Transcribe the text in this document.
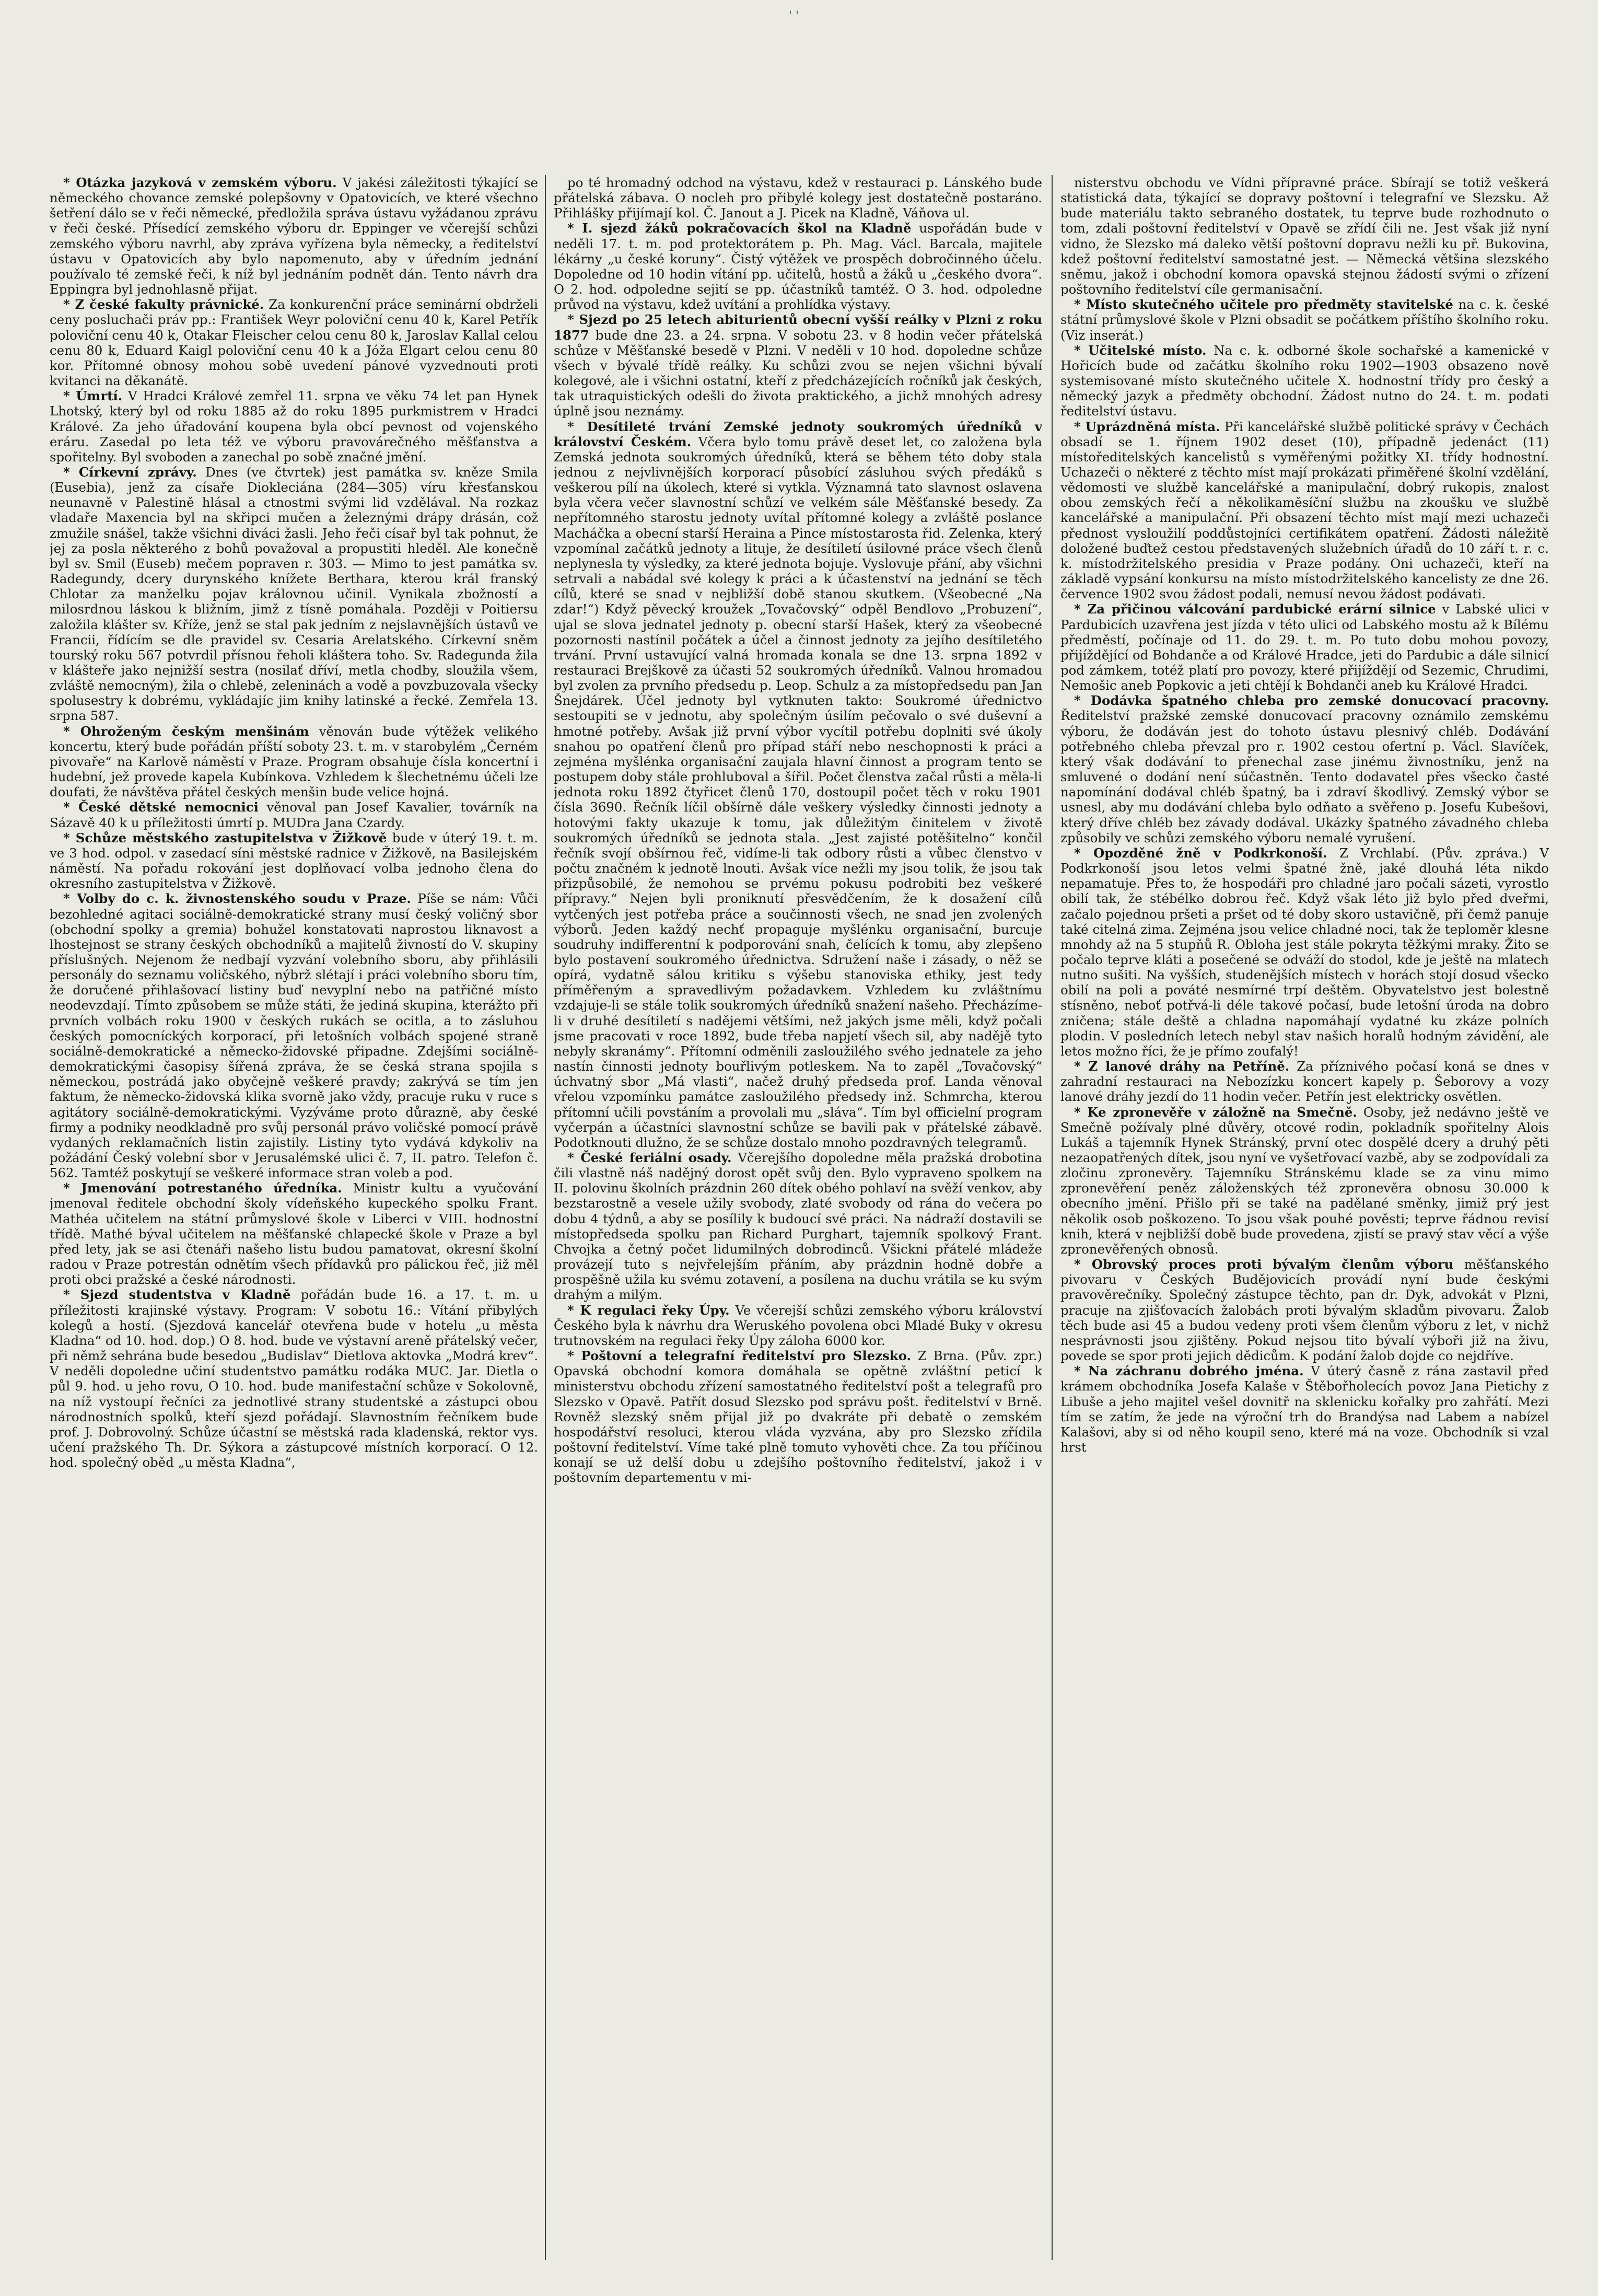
' '

* Otázka jazyková v zemském výboru. V jakési záležitosti týkající se německého chovance zemské polepšovny v Opatovicích, ve které všechno šetření dálo se v řeči německé, předložila správa ústavu vyžádanou zprávu v řeči české. Přísedící zemského výboru dr. Eppinger ve včerejší schůzi zemského výboru navrhl, aby zpráva vyřízena byla německy, a ředitelství ústavu v Opatovicích aby bylo napomenuto, aby v úředním jednání používalo té zemské řeči, k níž byl jednáním podnět dán. Tento návrh dra Eppingra byl jednohlasně přijat.

* Z české fakulty právnické. Za konkurenční práce seminární obdrželi ceny posluchači práv pp.: František Weyr poloviční cenu 40 k, Karel Petřík poloviční cenu 40 k, Otakar Fleischer celou cenu 80 k, Jaroslav Kallal celou cenu 80 k, Eduard Kaigl poloviční cenu 40 k a Jóža Elgart celou cenu 80 kor. Přítomné obnosy mohou sobě uvedení pánové vyzvednouti proti kvitanci na děkanátě.

* Úmrtí. V Hradci Králové zemřel 11. srpna ve věku 74 let pan Hynek Lhotský, který byl od roku 1885 až do roku 1895 purkmistrem v Hradci Králové. Za jeho úřadování koupena byla obcí pevnost od vojenského eráru. Zasedal po leta též ve výboru pravovárečného měšťanstva a spořitelny. Byl svoboden a zanechal po sobě značné jmění.

* Církevní zprávy. Dnes (ve čtvrtek) jest památka sv. kněze Smila (Eusebia), jenž za císaře Diokleciána (284—305) víru křesťanskou neunavně v Palestině hlásal a ctnostmi svými lid vzdělával. Na rozkaz vladaře Maxencia byl na skřipci mučen a železnými drápy drásán, což zmužile snášel, takže všichni diváci žasli. Jeho řeči císař byl tak pohnut, že jej za posla některého z bohů považoval a propustiti hleděl. Ale konečně byl sv. Smil (Euseb) mečem popraven r. 303. — Mimo to jest památka sv. Radegundy, dcery durynského knížete Berthara, kterou král franský Chlotar za manželku pojav královnou učinil. Vynikala zbožností a milosrdnou láskou k bližním, jimž z tísně pomáhala. Později v Poitiersu založila klášter sv. Kříže, jenž se stal pak jedním z nejslavnějších ústavů ve Francii, řídícím se dle pravidel sv. Cesaria Arelatského. Církevní sněm tourský roku 567 potvrdil přísnou řeholi kláštera toho. Sv. Radegunda žila v klášteře jako nejnižší sestra (nosilať dříví, metla chodby, sloužila všem, zvláště nemocným), žila o chlebě, zeleninách a vodě a povzbuzovala všecky spolusestry k dobrému, vykládajíc jim knihy latinské a řecké. Zemřela 13. srpna 587.

* Ohroženým českým menšinám věnován bude výtěžek velikého koncertu, který bude pořádán příští soboty 23. t. m. v starobylém „Černém pivovaře“ na Karlově náměstí v Praze. Program obsahuje čísla koncertní i hudební, jež provede kapela Kubínkova. Vzhledem k šlechetnému účeli lze doufati, že návštěva přátel českých menšin bude velice hojná.

* České dětské nemocnici věnoval pan Josef Kavalier, továrník na Sázavě 40 k u příležitosti úmrtí p. MUDra Jana Czardy.

* Schůze městského zastupitelstva v Žižkově bude v úterý 19. t. m. ve 3 hod. odpol. v zasedací síni městské radnice v Žižkově, na Basilejském náměstí. Na pořadu rokování jest doplňovací volba jednoho člena do okresního zastupitelstva v Žižkově.

* Volby do c. k. živnostenského soudu v Praze. Píše se nám: Vůči bezohledné agitaci sociálně-demokratické strany musí český voličný sbor (obchodní spolky a gremia) bohužel konstatovati naprostou liknavost a lhostejnost se strany českých obchodníků a majitelů živností do V. skupiny příslušných. Nejenom že nedbají vyzvání volebního sboru, aby přihlásili personály do seznamu voličského, nýbrž slétají i práci volebního sboru tím, že doručené přihlašovací listiny buď nevyplní nebo na patřičné místo neodevzdají. Tímto způsobem se může státi, že jediná skupina, kterážto při prvních volbách roku 1900 v českých rukách se ocitla, a to zásluhou českých pomocníckých korporací, při letošních volbách spojené straně sociálně-demokratické a německo-židovské připadne. Zdejšími sociálně-demokratickými časopisy šířená zpráva, že se česká strana spojila s německou, postrádá jako obyčejně veškeré pravdy; zakrývá se tím jen faktum, že německo-židovská klika svorně jako vždy, pracuje ruku v ruce s agitátory sociálně-demokratickými. Vyzýváme proto důrazně, aby české firmy a podniky neodkladně pro svůj personál právo voličské pomocí právě vydaných reklamačních listin zajistily. Listiny tyto vydává kdykoliv na požádání Český volební sbor v Jerusalémské ulici č. 7, II. patro. Telefon č. 562. Tamtéž poskytují se veškeré informace stran voleb a pod.

* Jmenování potrestaného úředníka. Ministr kultu a vyučování jmenoval ředitele obchodní školy vídeňského kupeckého spolku Frant. Mathéa učitelem na státní průmyslové škole v Liberci v VIII. hodnostní třídě. Mathé býval učitelem na měšťanské chlapecké škole v Praze a byl před lety, jak se asi čtenáři našeho listu budou pamatovat, okresní školní radou v Praze potrestán odnětím všech přídavků pro pálickou řeč, již měl proti obci pražské a české národnosti.

* Sjezd studentstva v Kladně pořádán bude 16. a 17. t. m. u příležitosti krajinské výstavy. Program: V sobotu 16.: Vítání přibylých kolegů a hostí. (Sjezdová kancelář otevřena bude v hotelu „u města Kladna“ od 10. hod. dop.) O 8. hod. bude ve výstavní areně přátelský večer, při němž sehrána bude besedou „Budislav“ Dietlova aktovka „Modrá krev“. V neděli dopoledne učiní studentstvo památku rodáka MUC. Jar. Dietla o půl 9. hod. u jeho rovu, O 10. hod. bude manifestační schůze v Sokolovně, na níž vystoupí řečníci za jednotlivé strany studentské a zástupci obou národnostních spolků, kteří sjezd pořádají. Slavnostním řečníkem bude prof. J. Dobrovolný. Schůze účastní se městská rada kladenská, rektor vys. učení pražského Th. Dr. Sýkora a zástupcové místních korporací. O 12. hod. společný oběd „u města Kladna“,

po té hromadný odchod na výstavu, kdež v restauraci p. Lánského bude přátelská zábava. O nocleh pro přibylé kolegy jest dostatečně postaráno. Přihlášky přijímají kol. Č. Janout a J. Picek na Kladně, Váňova ul.

* I. sjezd žáků pokračovacích škol na Kladně uspořádán bude v neděli 17. t. m. pod protektorátem p. Ph. Mag. Václ. Barcala, majitele lékárny „u české koruny“. Čistý výtěžek ve prospěch dobročinného účelu. Dopoledne od 10 hodin vítání pp. učitelů, hostů a žáků u „českého dvora“. O 2. hod. odpoledne sejití se pp. účastníků tamtéž. O 3. hod. odpoledne průvod na výstavu, kdež uvítání a prohlídka výstavy.

* Sjezd po 25 letech abiturientů obecní vyšší reálky v Plzni z roku 1877 bude dne 23. a 24. srpna. V sobotu 23. v 8 hodin večer přátelská schůze v Měšťanské besedě v Plzni. V neděli v 10 hod. dopoledne schůze všech v bývalé třídě reálky. Ku schůzi zvou se nejen všichni bývalí kolegové, ale i všichni ostatní, kteří z předcházejících ročníků jak českých, tak utraquistických odešli do života praktického, a jichž mnohých adresy úplně jsou neznámy.

* Desítileté trvání Zemské jednoty soukromých úředníků v království Českém. Včera bylo tomu právě deset let, co založena byla Zemská jednota soukromých úředníků, která se během této doby stala jednou z nejvlivnějších korporací působící zásluhou svých předáků s veškerou pílí na úkolech, které si vytkla. Významná tato slavnost oslavena byla včera večer slavnostní schůzí ve velkém sále Měšťanské besedy. Za nepřítomného starostu jednoty uvítal přítomné kolegy a zvláště poslance Macháčka a obecní starší Heraina a Pince místostarosta řid. Zelenka, který vzpomínal začátků jednoty a lituje, že desítiletí úsilovné práce všech členů neplynesla ty výsledky, za které jednota bojuje. Vyslovuje přání, aby všichni setrvali a nabádal své kolegy k práci a k účastenství na jednání se těch cílů, které se snad v nejbližší době stanou skutkem. (Všeobecné „Na zdar!“) Když pěvecký kroužek „Tovačovský“ odpěl Bendlovo „Probuzení“, ujal se slova jednatel jednoty p. obecní starší Hašek, který za všeobecné pozornosti nastínil počátek a účel a činnost jednoty za jejího desítiletého trvání. První ustavující valná hromada konala se dne 13. srpna 1892 v restauraci Brejškově za účasti 52 soukromých úředníků. Valnou hromadou byl zvolen za prvního předsedu p. Leop. Schulz a za místopředsedu pan Jan Šnejdárek. Účel jednoty byl vytknuten takto: Soukromé úřednictvo sestoupiti se v jednotu, aby společným úsilím pečovalo o své duševní a hmotné potřeby. Avšak již první výbor vycítil potřebu doplniti své úkoly snahou po opatření členů pro případ stáří nebo neschopnosti k práci a zejména myšlénka organisační zaujala hlavní činnost a program tento se postupem doby stále prohluboval a šířil. Počet členstva začal růsti a měla-li jednota roku 1892 čtyřicet členů 170, dostoupil počet těch v roku 1901 čísla 3690. Řečník líčil obšírně dále veškery výsledky činnosti jednoty a hotovými fakty ukazuje k tomu, jak důležitým činitelem v životě soukromých úředníků se jednota stala. „Jest zajisté potěšitelno“ končil řečník svojí obšírnou řeč, vidíme-li tak odbory růsti a vůbec členstvo v počtu značném k jednotě lnouti. Avšak více nežli my jsou tolik, že jsou tak přizpůsobilé, že nemohou se prvému pokusu podrobiti bez veškeré přípravy.“ Nejen byli proniknutí přesvědčením, že k dosažení cílů vytčených jest potřeba práce a součinnosti všech, ne snad jen zvolených výborů. Jeden každý nechť propaguje myšlénku organisační, burcuje soudruhy indifferentní k podporování snah, čelících k tomu, aby zlepšeno bylo postavení soukromého úřednictva. Sdružení naše i zásady, o něž se opírá, vydatně sálou kritiku s výšebu stanoviska ethiky, jest tedy příměřeným a spravedlivým požadavkem. Vzhledem ku zvláštnímu vzdajuje-li se stále tolik soukromých úředníků snažení našeho. Přecházíme-li v druhé desítiletí s nadějemi většími, než jakých jsme měli, když počali jsme pracovati v roce 1892, bude třeba napjetí všech sil, aby nadějě tyto nebyly skranámy“. Přítomní odměnili zasloužilého svého jednatele za jeho nastín činnosti jednoty bouřlivým potleskem. Na to zapěl „Tovačovský“ úchvatný sbor „Má vlasti“, načež druhý předseda prof. Landa věnoval vřelou vzpomínku památce zasloužilého předsedy inž. Schmrcha, kterou přítomní učili povstáním a provolali mu „sláva“. Tím byl officielní program vyčerpán a účastníci slavnostní schůze se bavili pak v přátelské zábavě. Podotknouti dlužno, že se schůze dostalo mnoho pozdravných telegramů.

* České feriální osady. Včerejšího dopoledne měla pražská drobotina čili vlastně náš nadějný dorost opět svůj den. Bylo vypraveno spolkem na II. polovinu školních prázdnin 260 dítek obého pohlaví na svěží venkov, aby bezstarostně a vesele užily svobody, zlaté svobody od rána do večera po dobu 4 týdnů, a aby se posílily k budoucí své práci. Na nádraží dostavili se místopředseda spolku pan Richard Purghart, tajemník spolkový Frant. Chvojka a četný počet lidumilných dobrodinců. Všickni přátelé mládeže provázejí tuto s nejvřelejším přáním, aby prázdnin hodně dobře a prospěšně užila ku svému zotavení, a posílena na duchu vrátila se ku svým drahým a milým.

* K regulaci řeky Úpy. Ve včerejší schůzi zemského výboru království Českého byla k návrhu dra Weruského povolena obci Mladé Buky v okresu trutnovském na regulaci řeky Úpy záloha 6000 kor.

* Poštovní a telegrafní ředitelství pro Slezsko. Z Brna. (Pův. zpr.) Opavská obchodní komora domáhala se opětně zvláštní peticí k ministerstvu obchodu zřízení samostatného ředitelství pošt a telegrafů pro Slezsko v Opavě. Patřít dosud Slezsko pod správu pošt. ředitelství v Brně. Rovněž slezský sněm přijal již po dvakráte při debatě o zemském hospodářství resoluci, kterou vláda vyzvána, aby pro Slezsko zřídila poštovní ředitelství. Víme také plně tomuto vyhověti chce. Za tou příčinou konají se už delší dobu u zdejšího poštovního ředitelství, jakož i v poštovním departementu v mi-

nisterstvu obchodu ve Vídni přípravné práce. Sbírají se totiž veškerá statistická data, týkající se dopravy poštovní i telegrafní ve Slezsku. Až bude materiálu takto sebraného dostatek, tu teprve bude rozhodnuto o tom, zdali poštovní ředitelství v Opavě se zřídí čili ne. Jest však již nyní vidno, že Slezsko má daleko větší poštovní dopravu nežli ku př. Bukovina, kdež poštovní ředitelství samostatné jest. — Německá většina slezského sněmu, jakož i obchodní komora opavská stejnou žádostí svými o zřízení poštovního ředitelství cíle germanisační.

* Místo skutečného učitele pro předměty stavitelské na c. k. české státní průmyslové škole v Plzni obsadit se počátkem příštího školního roku. (Viz inserát.)

* Učitelské místo. Na c. k. odborné škole sochařské a kamenické v Hořicích bude od začátku školního roku 1902—1903 obsazeno nově systemisované místo skutečného učitele X. hodnostní třídy pro český a německý jazyk a předměty obchodní. Žádost nutno do 24. t. m. podati ředitelství ústavu.

* Uprázdněná místa. Při kancelářské službě politické správy v Čechách obsadí se 1. říjnem 1902 deset (10), případně jedenáct (11) místoředitelských kancelistů s vyměřenými požitky XI. třídy hodnostní. Uchazeči o některé z těchto míst mají prokázati přiměřené školní vzdělání, vědomosti ve službě kancelářské a manipulační, dobrý rukopis, znalost obou zemských řečí a několikaměsíční službu na zkoušku ve službě kancelářské a manipulační. Při obsazení těchto míst mají mezi uchazeči přednost vysloužilí poddůstojníci certifikátem opatření. Žádosti náležitě doložené buďtež cestou představených služebních úřadů do 10 září t. r. c. k. místodržitelského presidia v Praze podány. Oni uchazeči, kteří na základě vypsání konkursu na místo místodržitelského kancelisty ze dne 26. července 1902 svou žádost podali, nemusí nevou žádost podávati.

* Za přičinou válcování pardubické erární silnice v Labské ulici v Pardubicích uzavřena jest jízda v této ulici od Labského mostu až k Bílému předměstí, počínaje od 11. do 29. t. m. Po tuto dobu mohou povozy, přijíždějící od Bohdanče a od Králové Hradce, jeti do Pardubic a dále silnicí pod zámkem, totéž platí pro povozy, které přijíždějí od Sezemic, Chrudimi, Nemošic aneb Popkovic a jeti chtějí k Bohdanči aneb ku Králové Hradci.

* Dodávka špatného chleba pro zemské donucovací pracovny. Ředitelství pražské zemské donucovací pracovny oznámilo zemskému výboru, že dodáván jest do tohoto ústavu plesnivý chléb. Dodávání potřebného chleba převzal pro r. 1902 cestou ofertní p. Václ. Slavíček, který však dodávání to přenechal zase jinému živnostníku, jenž na smluvené o dodání není súčastněn. Tento dodavatel přes všecko časté napomínání dodával chléb špatný, ba i zdraví škodlivý. Zemský výbor se usnesl, aby mu dodávání chleba bylo odňato a svěřeno p. Josefu Kubešovi, který dříve chléb bez závady dodával. Ukázky špatného závadného chleba způsobily ve schůzi zemského výboru nemalé vyrušení.

* Opozděné žně v Podkrkonoší. Z Vrchlabí. (Pův. zpráva.) V Podkrkonoší jsou letos velmi špatné žně, jaké dlouhá léta nikdo nepamatuje. Přes to, že hospodáři pro chladné jaro počali sázeti, vyrostlo obilí tak, že stébélko dobrou řeč. Když však léto již bylo před dveřmi, začalo pojednou pršeti a pršet od té doby skoro ustavičně, při čemž panuje také citelná zima. Zejména jsou velice chladné noci, tak že teploměr klesne mnohdy až na 5 stupňů R. Obloha jest stále pokryta těžkými mraky. Žito se počalo teprve kláti a posečené se odváží do stodol, kde je ještě na mlatech nutno sušiti. Na vyšších, studenějších místech v horách stojí dosud všecko obilí na poli a pováté nesmírné trpí deštěm. Obyvatelstvo jest bolestně stísněno, neboť potřvá-li déle takové počasí, bude letošní úroda na dobro zničena; stále deště a chladna napomáhají vydatné ku zkáze polních plodin. V posledních letech nebyl stav našich horalů hodným závidění, ale letos možno říci, že je přímo zoufalý!

* Z lanové dráhy na Petříně. Za příznivého počasí koná se dnes v zahradní restauraci na Nebozízku koncert kapely p. Šeborovy a vozy lanové dráhy jezdí do 11 hodin večer. Petřín jest elektricky osvětlen.

* Ke zpronevěře v záložně na Smečně. Osoby, jež nedávno ještě ve Smečně požívaly plné důvěry, otcové rodin, pokladník spořitelny Alois Lukáš a tajemník Hynek Stránský, první otec dospělé dcery a druhý pěti nezaopatřených dítek, jsou nyní ve vyšetřovací vazbě, aby se zodpovídali za zločinu zpronevěry. Tajemníku Stránskému klade se za vinu mimo zpronevěření peněz záloženských též zpronevěra obnosu 30.000 k obecního jmění. Přišlo při se také na padělané směnky, jimiž prý jest několik osob poškozeno. To jsou však pouhé pověsti; teprve řádnou revisí knih, která v nejbližší době bude provedena, zjistí se pravý stav věcí a výše zpronevěřených obnosů.

* Obrovský proces proti bývalým členům výboru měšťanského pivovaru v Českých Budějovicích provádí nyní bude českými pravověrečníky. Společný zástupce těchto, pan dr. Dyk, advokát v Plzni, pracuje na zjišťovacích žalobách proti bývalým skladům pivovaru. Žalob těch bude asi 45 a budou vedeny proti všem členům výboru z let, v nichž nesprávnosti jsou zjištěny. Pokud nejsou tito bývalí výboři již na živu, povede se spor proti jejich dědicům. K podání žalob dojde co nejdříve.

* Na záchranu dobrého jména. V úterý časně z rána zastavil před krámem obchodníka Josefa Kalaše v Štěbořholecích povoz Jana Pietichy z Libuše a jeho majitel vešel dovnitř na sklenicku kořalky pro zahřátí. Mezi tím se zatím, že jede na výroční trh do Brandýsa nad Labem a nabízel Kalašovi, aby si od něho koupil seno, které má na voze. Obchodník si vzal hrst
